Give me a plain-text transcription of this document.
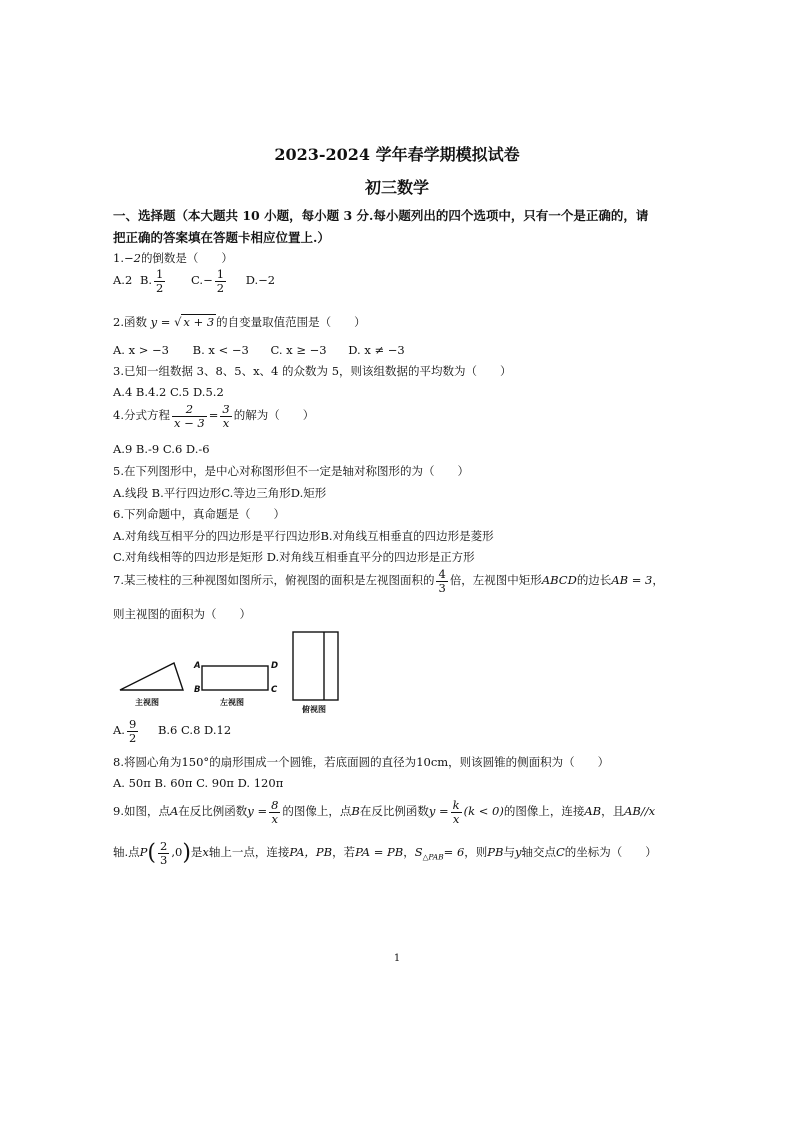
2023-2024 学年春学期模拟试卷
初三数学
一、选择题（本大题共 10 小题，每小题 3 分.每小题列出的四个选项中，只有一个是正确的，请
把正确的答案填在答题卡相应位置上.）
1.−2的倒数是（　　）
A.2 B. $\frac{1}{2} C.- \frac{1}{2} D.-2$
2.函数 y = √ x + 3 的自变量取值范围是（　　）
A. x > −3 B. x < −3 C. x ≥ −3 D. x ≠ −3
3.已知一组数据 3、8、5、x、4 的众数为 5，则该组数据的平均数为（　　）
A.4 B.4.2 C.5 D.5.2
4.分式方程 $\frac{2}{x - 3} = \frac{3}{x}$ 的解为（　　）
A.9 B.-9 C.6 D.-6
5.在下列图形中，是中心对称图形但不一定是轴对称图形的为（　　）
A.线段 B.平行四边形C.等边三角形D.矩形
6.下列命题中，真命题是（　　）
A.对角线互相平分的四边形是平行四边形B.对角线互相垂直的四边形是菱形
C.对角线相等的四边形是矩形 D.对角线互相垂直平分的四边形是正方形
7.某三棱柱的三种视图如图所示，俯视图的面积是左视图面积的 $\frac{4}{3}$ 倍，左视图中矩形ABCD的边长AB = 3，
则主视图的面积为（　　）
A
B	C
D
主视图	左视图
俯视图
A. $\frac{9}{2} B.6$ C.8 D.12
8.将圆心角为150°的扇形围成一个圆锥，若底面圆的直径为10cm，则该圆锥的侧面积为（　　）
A. 50π B. 60π C. 90π D. 120π
9.如图，点A在反比例函数$y = \frac{8}{x}$ 的图像上，点B在反比例函数$y = \frac{k}{x} (k < 0)$的图像上，连接AB，且AB//x
轴.点$P( \frac{2}{3} ,0)$是x轴上一点，连接PA，PB，若PA = PB，$S_{\triangle PAB}= 6$，则PB与y轴交点C的坐标为（　　）
1
